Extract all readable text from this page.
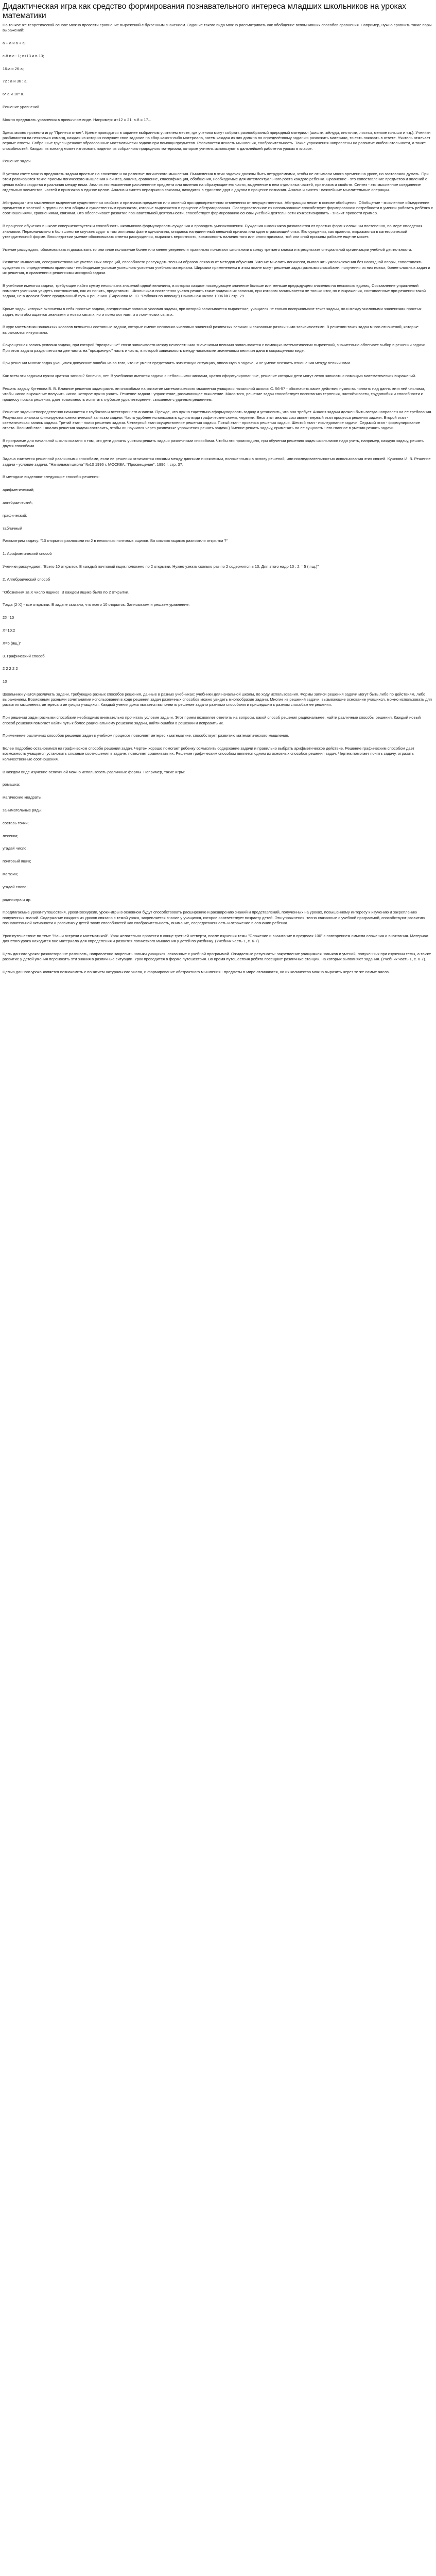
Дидактическая игра как средство формирования познавательного интереса младших школьников на уроках математики

На тонкое же теоретической основе можно провести сравнение выражений с буквенным значением. Задание такого вида можно рассматривать как обобщение вспомнивших способов сравнения. Например, нужно сравнить такие пары выражений:

а + а и а + а;

с·8 и с - 1; в+13 и в·13;

16·а и 26·а;

72 : а и 36 : а;

6* а и 18* а.

Решение уравнений

Можно предлагать уравнения в привычном виде. Например: а+12 = 21; в·8 = 17...

Здесь можно провести игру "Принеси ответ". Креме проводится в заранее выбранном учителем месте, где ученики могут собрать разнообразный природный материал (шишки, жёлуди, листочки, листья, мелкие голыши и т.д.). Ученики разбиваются на несколько команд, каждая из которых получает свое задание на сбор какого-либо материала, затем каждая из них должна по определённому заданию разложить материал, то есть показать в ответе. Учитель отмечает верные ответы. Собранные группы решают образованные математически задачи при помощи предметов. Развивается ясность мышления, сообразительность. Такие упражнения направлены на развитие любознательности, а также способностей. Каждая из команд может изготовить поделки из собранного природного материала, которые учитель используют в дальнейшей работе на уроках в классе.

Решение задач

В устном счете можно предлагать задачи простые на сложение и на развитие логического мышления. Вычисления в этих задачах должны быть нетрудоёмкими, чтобы не отнимали много времени на уроке, но заставляли думать. При этом развиваются такие приемы логического мышления и синтез, анализ, сравнение, классификация, обобщения, необходимые для интеллектуального роста каждого ребенка. Сравнение - это сопоставление предметов и явлений с целью найти сходства и различия между ними. Анализ это мысленное расчленение предмета или явления на образующие его части, выделение в нем отдельных частей, признаков и свойств. Синтез - это мысленное соединение отдельных элементов, частей и признаков в единое целое. Анализ и синтез неразрывно связаны, находятся в единстве друг с другом в процессе познания. Анализ и синтез - важнейшие мыслительные операции.

Абстракция - это мысленное выделение существенных свойств и признаков предметов или явлений при одновременном отвлечении от несущественных. Абстракция лежит в основе обобщения. Обобщение - мысленное объединение предметов и явлений в группы по тем общим и существенным признакам, которые выделяются в процессе абстрагирования. Последовательное их использование способствует формированию потребности в умении работать ребёнка с соотношениями, сравнениями, связями. Это обеспечивает развитие познавательной деятельности, способствует формированию основы учебной деятельности конкретизировать - значит привести пример.

В процессе обучения в школе совершенствуется и способность школьников формулировать суждения и проводить умозаключения. Суждения школьников развиваются от простых форм к сложным постепенно, по мере овладения знаниями. Первоначально в большинстве случаев судят о том или ином факте однозначно, опираясь на единичный внешний признак или один отражающий опыт. Его суждения, как правило, выражаются в категорической утвердительной форме. Впоследствии умение обосновывать ответы рассуждения, выражать вероятность, возможность наличия того или иного признака, той или иной причины рабочее еще не может.

Умение рассуждать, обосновывать и доказывать то или иное положение более или менее уверенно и правильно понимают школьники к концу третьего класса и в результате специальной организации учебной деятельности.

Развитие мышления, совершенствование умственных операций, способности рассуждать тесным образом связано от методов обучения. Умение мыслить логически, выполнять умозаключения без наглядной опоры, сопоставлять суждения по определенным правилам - необходимое условие успешного усвоения учебного материала. Широким применением в этом плане могут решение задач разными способами: получения из них новых, более сложных задач и их решения, в сравнении с решениями исходной задачи.

В учебнике имеются задачи, требующие найти сумму нескольких значений одной величины, в которых каждое последующее значение больше или меньше предыдущего значения на несколько единиц. Составление упражнений помогает ученикам увидеть соотношения, как их понять, представить. Школьникам постепенно учатся решать такие задачи с их записью, при котором записывается не только итог, но и выражения, составленные при решении такой задачи, не в делают более продуманный путь к решению. (Баранова М. Ю. "Рабочая по новому") Начальная школа 1996 №7 стр. 29.

Кроме задач, которые включены в себя простые задачи, соединенные записью условия задачи, при которой записывается выражение, учащиеся не только воспринимают текст задачи, но и между числовыми значениями простых задач, но и обогащается знаниями о новых связях, но и помогают нам, и о логических связях.

В курс математики начальных классов включены составные задачи, которые имеют несколько числовых значений различных величин и связанных различными зависимостями. В решении таких задач много отношений, которые выражаются интуитивно.

Сокращенная запись условия задачи, при которой "прозрачные" связи зависимости между неизвестными значениями величин записываются с помощью математических выражений, значительно облегчает выбор в решении задачи. При этом задача разделяется на две части: на "прозрачную" часть и часть, в которой зависимость между числовыми значениями величин дана в сокращенном виде.

При решении многих задач учащимся допускают ошибки из-за того, что не умеют представить жизненную ситуацию, описанную в задаче, и не умеют осознать отношения между величинами.

Как всем эти задачам нужна краткая запись? Конечно, нет. В учебниках имеются задачи с небольшими числами, кратко сформулированные, решение которых дети могут легко записать с помощью математических выражений.

Решать задачу Кутепова В. В. Влияние решения задач разными способами на развитие математического мышления учащихся начальной школы: С. 56-57 - обозначить какие действия нужно выполнить над данными и ней числами, чтобы число выражение получить число, которое нужно узнать. Решение задачи - упражнение, развивающее мышление. Мало того, решение задач способствует воспитанию терпения, настойчивости, трудолюбия и способности к процессу поиска решения, дает возможность испытать глубокое удовлетворение, связанное с удачным решением.

Решение задач непосредственно начинается с глубокого и всестороннего анализа. Прежде, что нужно тщательно сформулировать задачу и установить, что она требует. Анализ задачи должен быть всегда направлен на ее требования. Результаты анализа фиксируются схематической записью задачи. Часто удобнее использовать одного вида графические схемы, чертежи. Весь этот анализ составляет первый этап процесса решения задачи. Второй этап - схематическая запись задачи. Третий этап - поиск решения задачи. Четвертый этап осуществление решения задачи. Пятый этап - проверка решения задачи. Шестой этап - исследование задачи. Седьмой этап - формулирование ответа. Восьмой этап - анализ решения задачи составить, чтобы он научился через различные упражнения решать задачи.) Умение решать задачу, применять ли ее сущность - это главное в умении решать задачи.

В программе для начальной школы сказано о том, что дети должны учиться решать задачи различными способами. Чтобы это происходило, при обучении решению задач школьников надо учить, например, каждую задачу, решать двумя способами.

Задача считается решенной различными способами, если ее решения отличаются связями между данными и искомыми, положенными в основу решений, или последовательностью использования этих связей. Кушнова И. В. Решение задачи - условие задачи. "Начальная школа" №10 1996 г. МОСКВА. "Просвещение". 1996 г. стр. 37.

В методике выделяют следующие способы решения:

арифметический;

алгебраический;

графический;

табличный

Рассмотрим задачу: "10 открыток разложили по 2 в несколько почтовых ящиков. Во сколько ящиков разложили открытки ?"

1. Арифметический способ

Ученики рассуждают: "Всего 10 открыток. В каждый почтовый ящик положено по 2 открытки. Нужно узнать сколько раз по 2 содержится в 10. Для этого надо 10 : 2 = 5 ( ящ.)"

2. Алгебраический способ

"Обозначим за Х число ящиков. В каждом ящике было по 2 открытки.

Тогда (2·Х) - все открытки. В задаче сказано, что всего 10 открыток. Записываем и решаем уравнение:

2Х=10

Х=10:2

Х=5 (ящ.)"

3. Графический способ

2 2 2 2 2

10

Школьники учатся различать задачи, требующие разных способов решения, данные в разных учебниках: учебники для начальной школы, по ходу использования. Формы записи решения задачи могут быть либо по действиям, либо выражением. Возможным разными сочетаниями использования в ходе решения задач различных способов можно увидеть многообразие задачи. Многие из решений задачи, вызывающие основание учащихся, можно использовать для развития мышления, интереса и интуиции учащихся. Каждый ученик дома пытается выполнить решение задачи разными способами и пришедшим к разным способам ее решения.

При решении задач разными способами необходимо внимательно прочитать условие задачи. Этот прием позволяет ответить на вопросы, какой способ решения рациональнее, найти различные способы решения. Каждый новый способ решения помогает найти путь к более рациональному решению задачи, найти ошибки в решении и исправить их.

Применение различных способов решения задач в учебном процессе позволяет интерес к математике, способствует развитию математического мышления.

Более подробно остановимся на графическом способе решения задач. Чертеж хорошо помогает ребенку осмыслить содержание задачи и правильно выбрать арифметическое действие. Решение графическим способом дает возможность учащимся установить сложные соотношения в задаче, позволяет сравнивать их. Решение графическим способом является одним из основных способов решения задач. Чертеж помогает понять задачу, отразить количественные соотношения.

В каждом виде изучение величиной можно использовать различные формы. Например, такие игры:

ромашка;

магические квадраты;

занимательные ряды;

составь точки;

лесенка;

угадай число;

почтовый ящик;

магазин;

угадай слово;

радиоигра и др.

Предлагаемые уроки-путешествия, уроки-экскурсии, уроки-игры в основном будут способствовать расширению и расширению знаний и представлений, полученных на уроках, повышенному интересу к изучению и закреплению полученных знаний. Содержание каждого из уроков связано с темой урока, закрепляется знание у учащихся, которое соответствует возрасту детей. Эти упражнения, тесно связанные с учебной программой, способствуют развитию познавательной активности и развитию у детей таких способностей как сообразительность, внимание, сосредоточенность и отражение в сознании ребенка.

Урок-путешествие по теме "Наши встречи с математикой". Урок желательно провести в конце третьей четверти, после изучения темы "Сложение и вычитание в пределах 100" с повторением смысла сложения и вычитания. Материал для этого урока находится вне материала для определения и развития логического мышления у детей по учебнику. (Учебник часть 1, с. 6-7).

Цель данного урока: разносторонне развивать, направленно закрепить навыки учащихся, связанные с учебной программой. Ожидаемые результаты: закрепление учащимися навыков и умений, полученных при изучении темы, а также развитие у детей умения переносить эти знания в различные ситуации. Урок проводится в форме путешествия. Во время путешествия ребята посещают различные станции, на которых выполняют задания. (Учебник часть 1, с. 6-7).

Целью данного урока является познакомить с понятием натурального числа, и формирование абстрактного мышления - предметы в мире отличаются, но их количество можно выразить через те же самые числа.
